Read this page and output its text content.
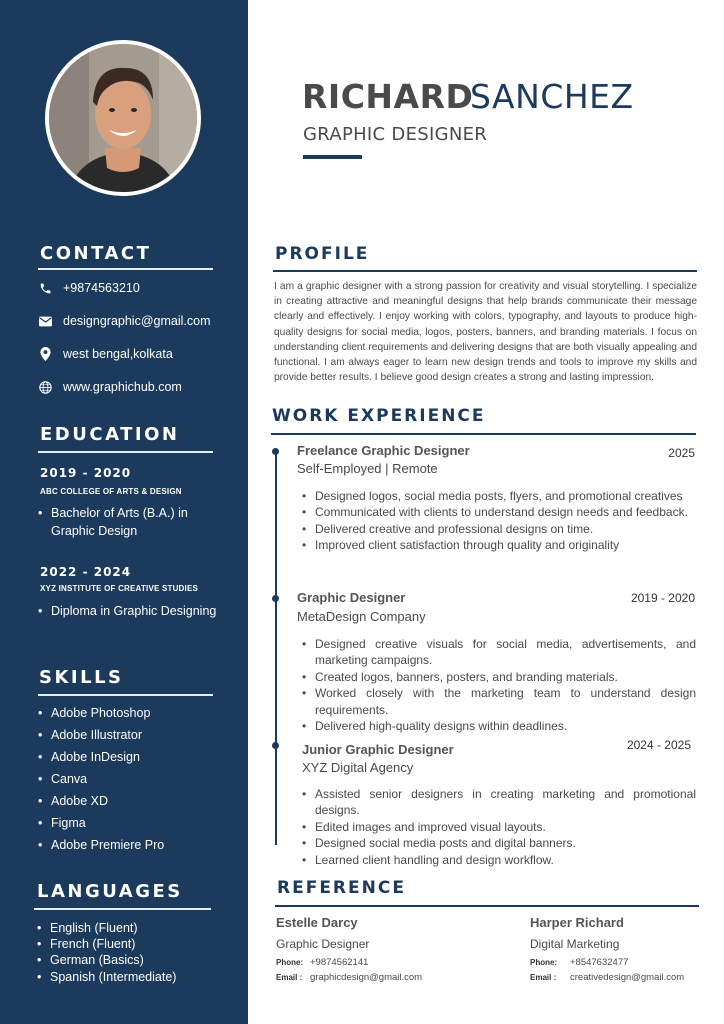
CONTACT
+9874563210
designgraphic@gmail.com
west bengal,kolkata
www.graphichub.com
EDUCATION
2019 - 2020
ABC COLLEGE OF ARTS & DESIGN
• Bachelor of Arts (B.A.) in Graphic Design
2022 - 2024
XYZ INSTITUTE OF CREATIVE STUDIES
• Diploma in Graphic Designing
SKILLS
• Adobe Photoshop
• Adobe Illustrator
• Adobe InDesign
• Canva
• Adobe XD
• Figma
• Adobe Premiere Pro
LANGUAGES
• English (Fluent)
• French (Fluent)
• German (Basics)
• Spanish (Intermediate)
RICHARD
SANCHEZ
GRAPHIC DESIGNER
PROFILE
I am a graphic designer with a strong passion for creativity and visual storytelling. I specialize in creating attractive and meaningful designs that help brands communicate their message clearly and effectively. I enjoy working with colors, typography, and layouts to produce high-quality designs for social media, logos, posters, banners, and branding materials. I focus on understanding client requirements and delivering designs that are both visually appealing and functional. I am always eager to learn new design trends and tools to improve my skills and provide better results. I believe good design creates a strong and lasting impression.
WORK EXPERIENCE
Freelance Graphic Designer	2025
Self-Employed | Remote
• Designed logos, social media posts, flyers, and promotional creatives
• Communicated with clients to understand design needs and feedback.
• Delivered creative and professional designs on time.
• Improved client satisfaction through quality and originality
Graphic Designer	2019 - 2020
MetaDesign Company
• Designed creative visuals for social media, advertisements, and marketing campaigns.
• Created logos, banners, posters, and branding materials.
• Worked closely with the marketing team to understand design requirements.
• Delivered high-quality designs within deadlines.
Junior Graphic Designer	2024 - 2025
XYZ Digital Agency
• Assisted senior designers in creating marketing and promotional designs.
• Edited images and improved visual layouts.
• Designed social media posts and digital banners.
• Learned client handling and design workflow.
REFERENCE
Estelle Darcy
Graphic Designer
Phone: +9874562141
Email : graphicdesign@gmail.com
Harper Richard
Digital Marketing
Phone: +8547632477
Email : creativedesign@gmail.com
